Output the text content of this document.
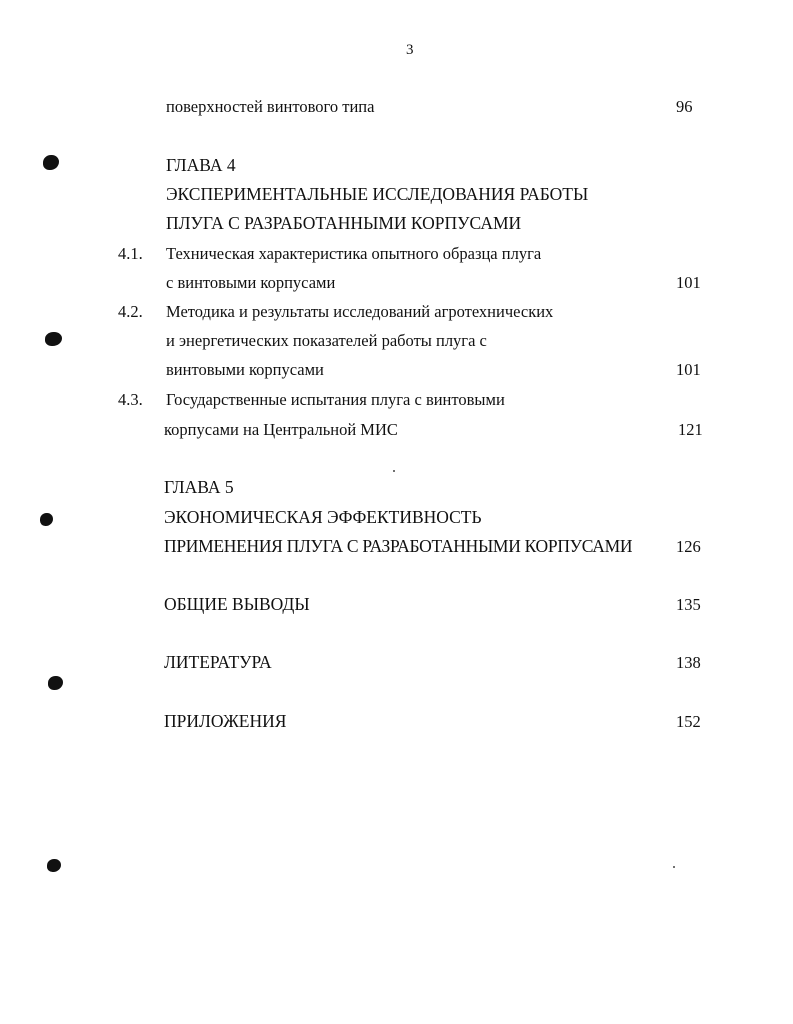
3
поверхностей винтового типа	96
ГЛАВА 4
ЭКСПЕРИМЕНТАЛЬНЫЕ ИССЛЕДОВАНИЯ РАБОТЫ
ПЛУГА С РАЗРАБОТАННЫМИ КОРПУСАМИ
4.1. Техническая характеристика опытного образца плуга
с винтовыми корпусами	101
4.2. Методика и результаты исследований агротехнических
и энергетических показателей работы плуга с
винтовыми корпусами	101
4.3. Государственные испытания плуга с винтовыми
корпусами на Центральной МИС	121
ГЛАВА 5
ЭКОНОМИЧЕСКАЯ ЭФФЕКТИВНОСТЬ
ПРИМЕНЕНИЯ ПЛУГА С РАЗРАБОТАННЫМИ КОРПУСАМИ	126
ОБЩИЕ ВЫВОДЫ	135
ЛИТЕРАТУРА	138
ПРИЛОЖЕНИЯ	152
